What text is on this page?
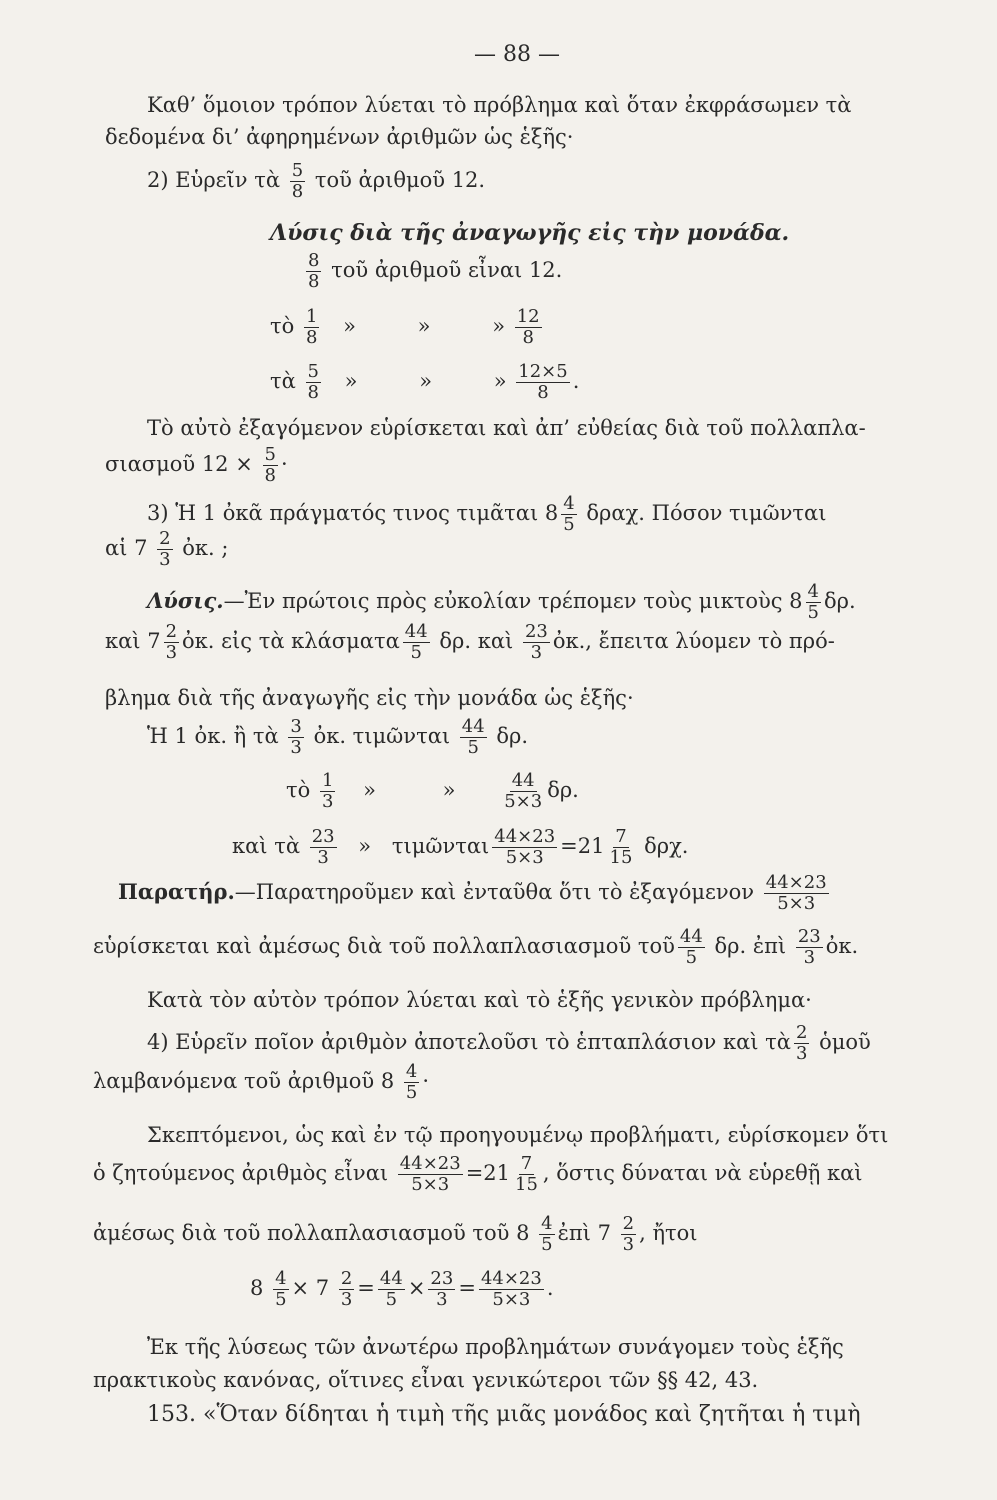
— 88 —
Καθ’ ὅμοιον τρόπον λύεται τὸ πρόβλημα καὶ ὅταν ἐκφράσωμεν τὰ
δεδομένα δι’ ἀφηρημένων ἀριθμῶν ὡς ἑξῆς·
2) Εὑρεῖν τὰ $\frac{5}{8}$ τοῦ ἀριθμοῦ 12.
Λύσις διὰ τῆς ἀναγωγῆς εἰς τὴν μονάδα.
$\frac{8}{8}$ τοῦ ἀριθμοῦ εἶναι 12.
τὸ $\frac{1}{8}$ »	»	» $\frac{12}{8}$
τὰ $\frac{5}{8}$ »	»	» $\frac{12\times 5}{8}$ .
Τὸ αὐτὸ ἐξαγόμενον εὑρίσκεται καὶ ἀπ’ εὐθείας διὰ τοῦ πολλαπλα-
σιασμοῦ $12 \times \frac{5}{8}$ ·
3) Ἡ 1 ὀκᾶ πράγματός τινος τιμᾶται $8 \frac{4}{5} \delta\rho\alpha\chi$. Πόσον τιμῶνται
αἱ $7 \frac{2}{3}$ ὀκ. ;
Λύσις.—Ἐν πρώτοις πρὸς εὐκολίαν τρέπομεν τοὺς μικτοὺς $8 \frac{4}{5} \delta\rho$.
καὶ $7 \frac{2}{3}$ ὀκ. εἰς τὰ κλάσματα $\frac{44}{5} \delta\rho$. καὶ $\frac{23}{3}$ ὀκ., ἔπειτα λύομεν τὸ πρό-
βλημα διὰ τῆς ἀναγωγῆς εἰς τὴν μονάδα ὡς ἑξῆς·
Ἡ 1 ὀκ. ἢ τὰ $\frac{3}{3}$ ὀκ. τιμῶνται $\frac{44}{5} \delta\rho$.
τὸ $\frac{1}{3}$ »	»	$\frac{44}{5\times 3} \delta\rho$.
καὶ τὰ $\frac{23}{3}$ » τιμῶνται $\frac{44\times 23}{5\times 3} =21 \frac{7}{15} \delta\rho\chi$.
Παρατήρ.—Παρατηροῦμεν καὶ ἐνταῦθα ὅτι τὸ ἐξαγόμενον $\frac{44\times 23}{5\times 3}$
εὑρίσκεται καὶ ἀμέσως διὰ τοῦ πολλαπλασιασμοῦ τοῦ $\frac{44}{5} \delta\rho$. ἐπὶ $\frac{23}{3}$ ὀκ.
Κατὰ τὸν αὐτὸν τρόπον λύεται καὶ τὸ ἑξῆς γενικὸν πρόβλημα·
4) Εὑρεῖν ποῖον ἀριθμὸν ἀποτελοῦσι τὸ ἑπταπλάσιον καὶ τὰ $\frac{2}{3}$ ὁμοῦ
λαμβανόμενα τοῦ ἀριθμοῦ $8 \frac{4}{5}$ ·
Σκεπτόμενοι, ὡς καὶ ἐν τῷ προηγουμένῳ προβλήματι, εὑρίσκομεν ὅτι
ὁ ζητούμενος ἀριθμὸς εἶναι $\frac{44\times 23}{5\times 3} =21 \frac{7}{15}$ , ὅστις δύναται νὰ εὑρεθῇ καὶ
ἀμέσως διὰ τοῦ πολλαπλασιασμοῦ τοῦ $8 \frac{4}{5}$ ἐπὶ $7 \frac{2}{3}$ , ἤτοι
$8 \frac{4}{5} \times 7 \frac{2}{3} = \frac{44}{5} \times \frac{23}{3} = \frac{44\times 23}{5\times 3}$ .
Ἐκ τῆς λύσεως τῶν ἀνωτέρω προβλημάτων συνάγομεν τοὺς ἑξῆς
πρακτικοὺς κανόνας, οἵτινες εἶναι γενικώτεροι τῶν §§ 42, 43.
153. «Ὅταν δίδηται ἡ τιμὴ τῆς μιᾶς μονάδος καὶ ζητῆται ἡ τιμὴ
